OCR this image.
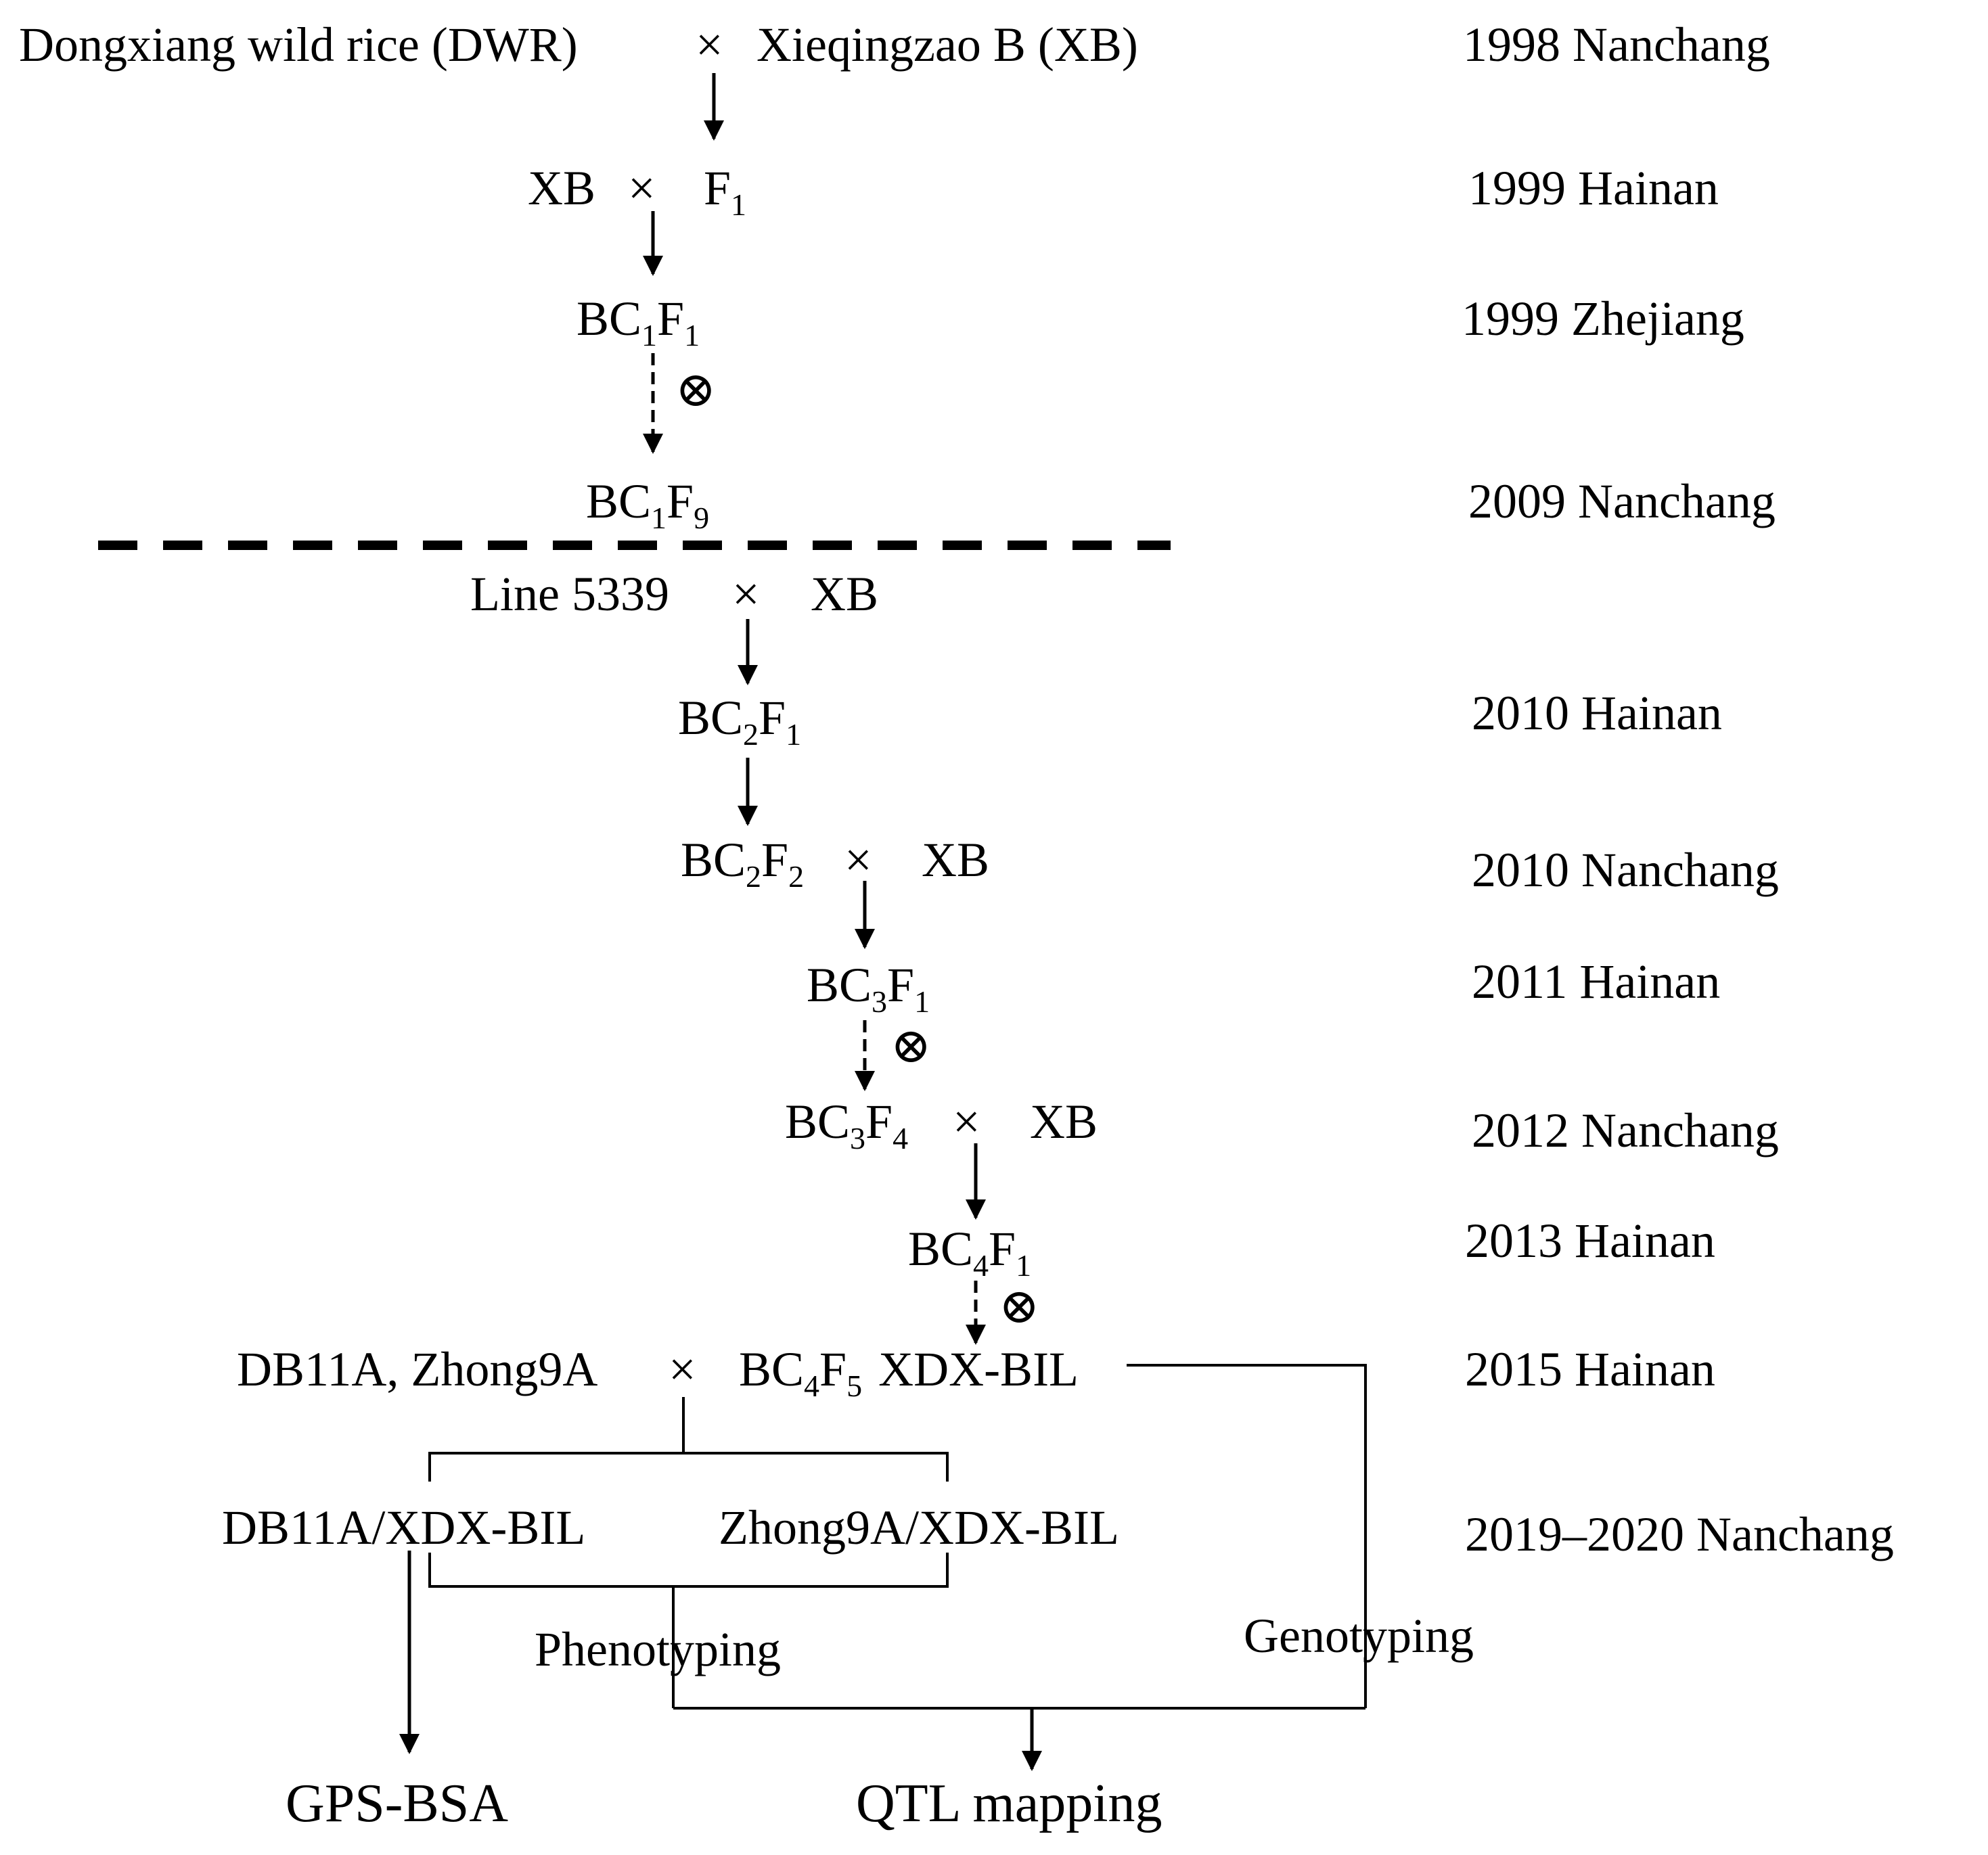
Dongxiang wild rice (DWR) × Xieqingzao B (XB)
XB × $F_1$
$BC_1F_1$
⊗
$BC_1F_9$
Line 5339 × XB
$BC_2F_1$
$BC_2F_2$ × XB
$BC_3F_1$
⊗
$BC_3F_4$ × XB
$BC_4F_1$
⊗
DB11A, Zhong9A × $BC_4F_5$ XDX-BIL
DB11A/XDX-BIL	Zhong9A/XDX-BIL
Phenotyping	Genotyping
GPS-BSA	QTL mapping
1998 Nanchang
1999 Hainan
1999 Zhejiang
2009 Nanchang
2010 Hainan
2010 Nanchang
2011 Hainan
2012 Nanchang
2013 Hainan
2015 Hainan
2019–2020 Nanchang
